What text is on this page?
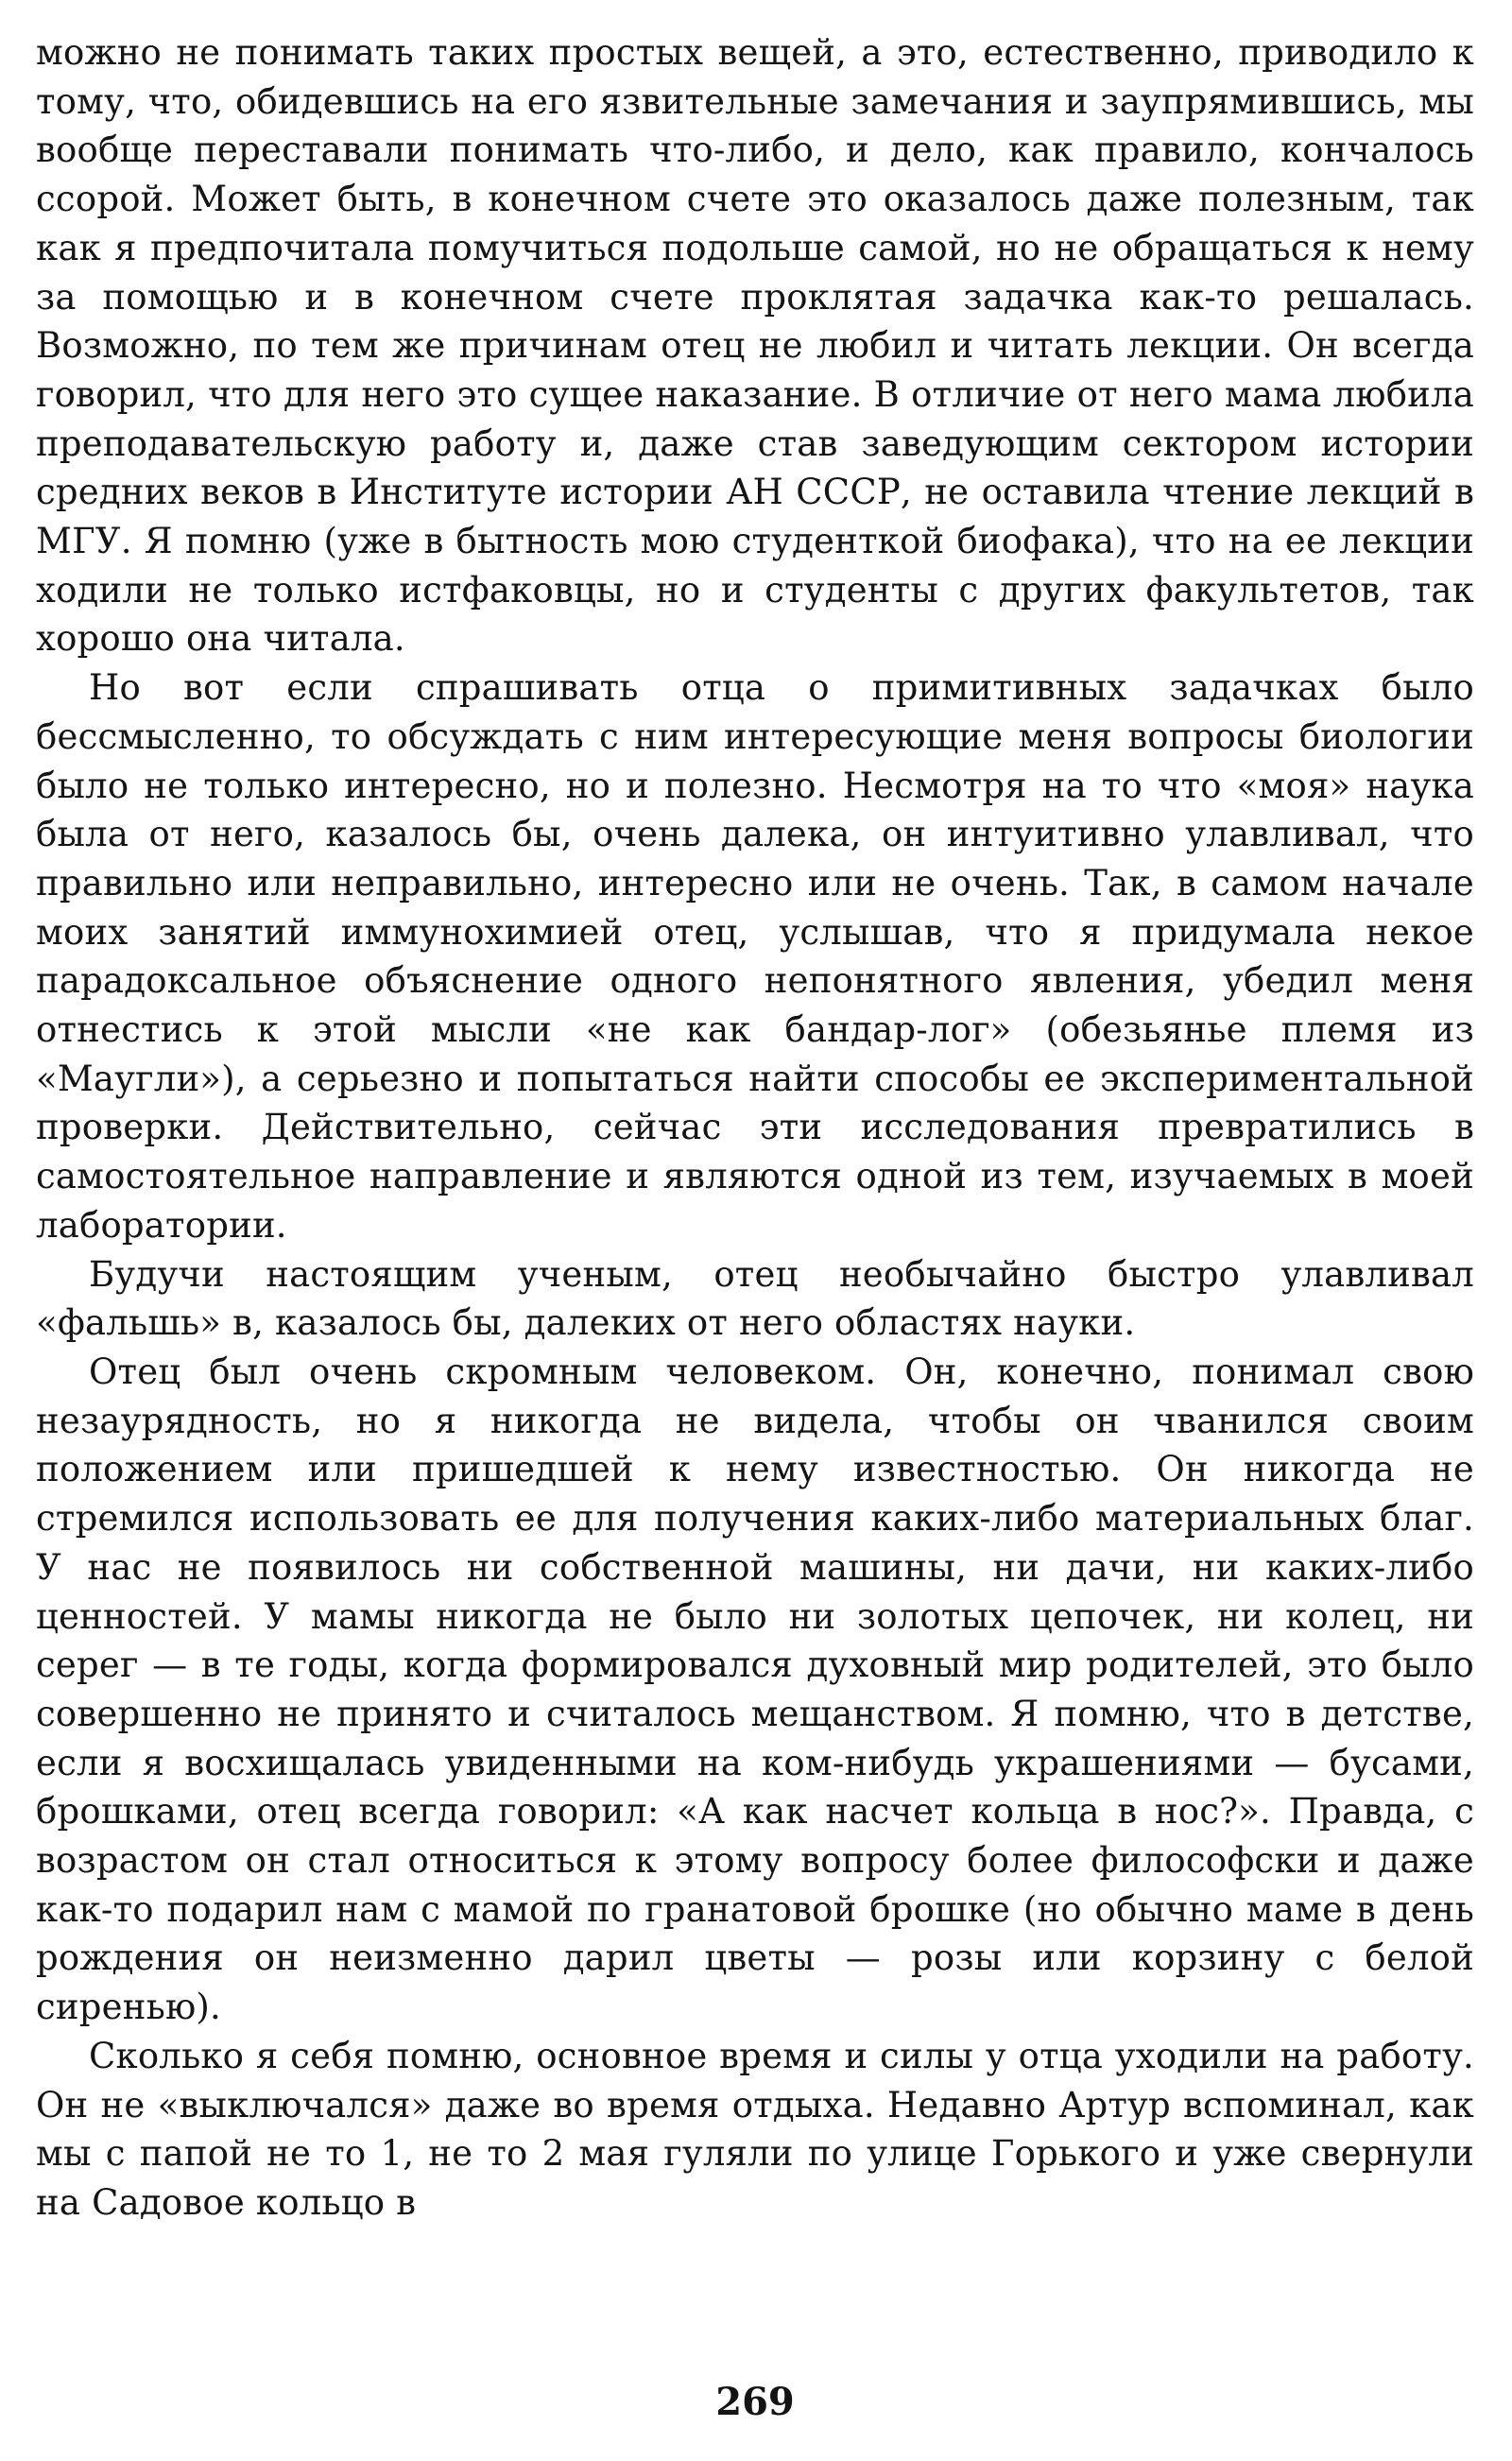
можно не понимать таких простых вещей, а это, естественно, приводило к тому, что, обидевшись на его язвительные замечания и заупрямившись, мы вообще переставали понимать что-либо, и дело, как правило, кончалось ссорой. Может быть, в конечном счете это оказалось даже полезным, так как я предпочитала помучиться подольше самой, но не обращаться к нему за помощью и в конечном счете проклятая задачка как-то решалась. Возможно, по тем же причинам отец не любил и читать лекции. Он всегда говорил, что для него это сущее наказание. В отличие от него мама любила преподавательскую работу и, даже став заведующим сектором истории средних веков в Институте истории АН СССР, не оставила чтение лекций в МГУ. Я помню (уже в бытность мою студенткой биофака), что на ее лекции ходили не только истфаковцы, но и студенты с других факультетов, так хорошо она читала.

Но вот если спрашивать отца о примитивных задачках было бессмысленно, то обсуждать с ним интересующие меня вопросы биологии было не только интересно, но и полезно. Несмотря на то что «моя» наука была от него, казалось бы, очень далека, он интуитивно улавливал, что правильно или неправильно, интересно или не очень. Так, в самом начале моих занятий иммунохимией отец, услышав, что я придумала некое парадоксальное объяснение одного непонятного явления, убедил меня отнестись к этой мысли «не как бандар-лог» (обезьянье племя из «Маугли»), а серьезно и попытаться найти способы ее экспериментальной проверки. Действительно, сейчас эти исследования превратились в самостоятельное направление и являются одной из тем, изучаемых в моей лаборатории.

Будучи настоящим ученым, отец необычайно быстро улавливал «фальшь» в, казалось бы, далеких от него областях науки.

Отец был очень скромным человеком. Он, конечно, понимал свою незаурядность, но я никогда не видела, чтобы он чванился своим положением или пришедшей к нему известностью. Он никогда не стремился использовать ее для получения каких-либо материальных благ. У нас не появилось ни собственной машины, ни дачи, ни каких-либо ценностей. У мамы никогда не было ни золотых цепочек, ни колец, ни серег — в те годы, когда формировался духовный мир родителей, это было совершенно не принято и считалось мещанством. Я помню, что в детстве, если я восхищалась увиденными на ком-нибудь украшениями — бусами, брошками, отец всегда говорил: «А как насчет кольца в нос?». Правда, с возрастом он стал относиться к этому вопросу более философски и даже как-то подарил нам с мамой по гранатовой брошке (но обычно маме в день рождения он неизменно дарил цветы — розы или корзину с белой сиренью).

Сколько я себя помню, основное время и силы у отца уходили на работу. Он не «выключался» даже во время отдыха. Недавно Артур вспоминал, как мы с папой не то 1, не то 2 мая гуляли по улице Горького и уже свернули на Садовое кольцо в

269
